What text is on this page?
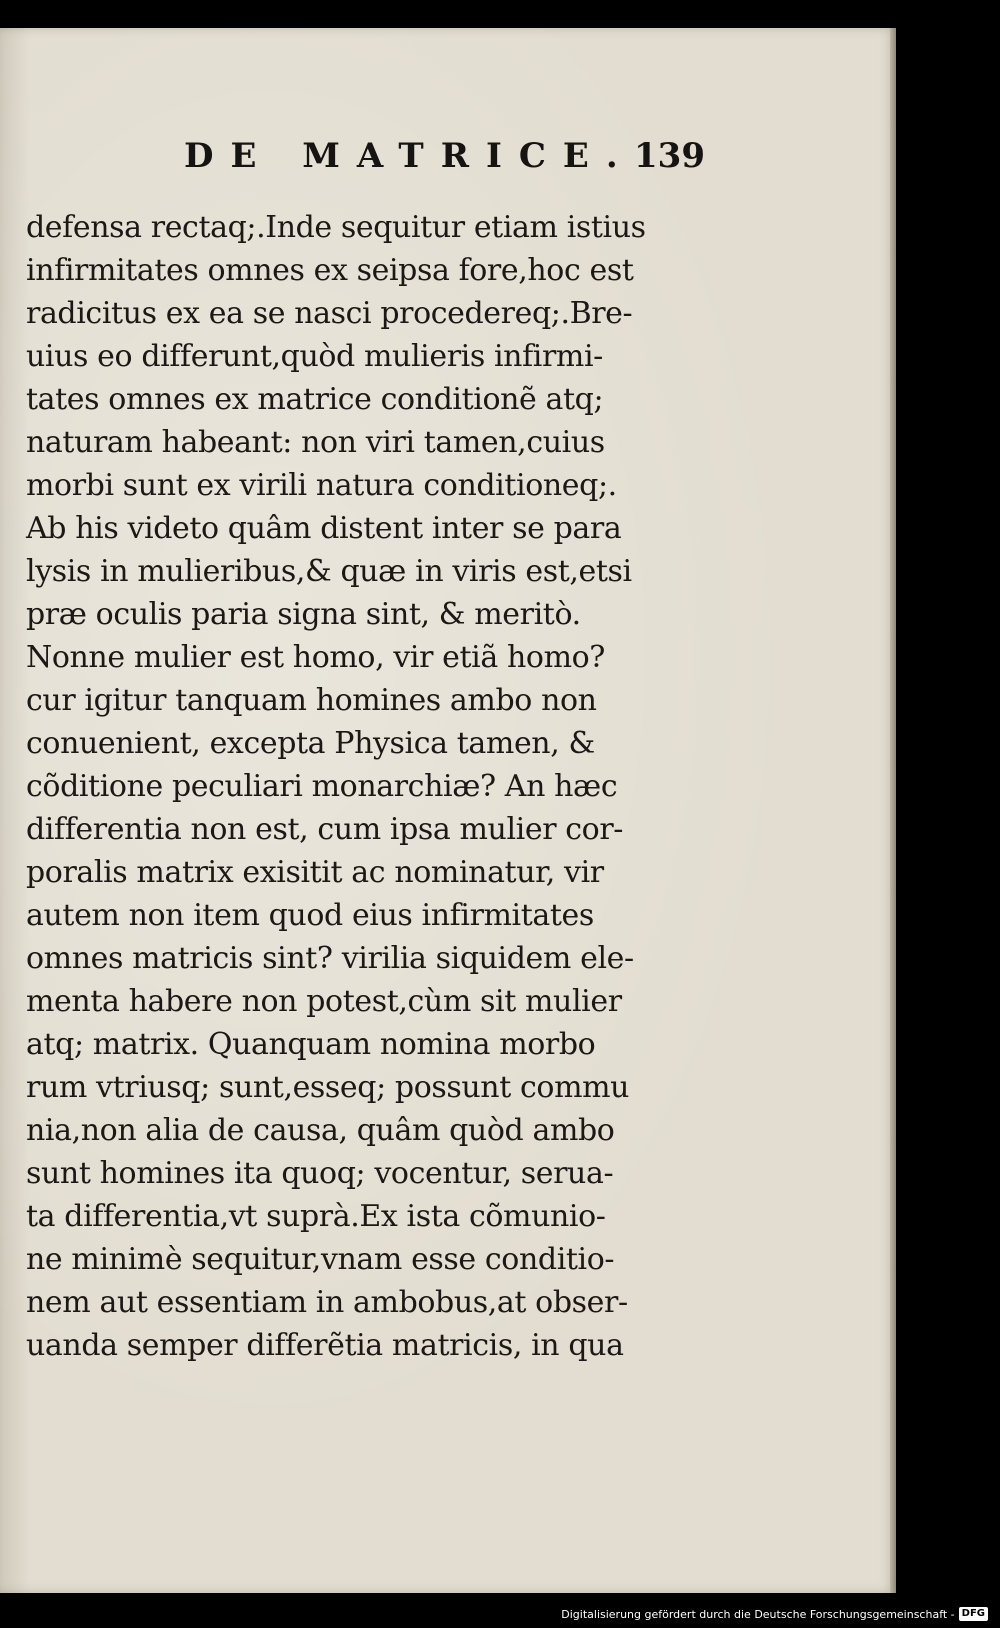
DE MATRICE. 139
defensa rectaq;.Inde sequitur etiam istius
infirmitates omnes ex seipsa fore,hoc est
radicitus ex ea se nasci procedereq;.Bre-
uius eo differunt,quòd mulieris infirmi-
tates omnes ex matrice conditionẽ atq;
naturam habeant: non viri tamen,cuius
morbi sunt ex virili natura conditioneq;.
Ab his videto quâm distent inter se para
lysis in mulieribus,& quæ in viris est,etsi
præ oculis paria signa sint, & meritò.
Nonne mulier est homo, vir etiã homo?
cur igitur tanquam homines ambo non
conuenient, excepta Physica tamen, &
cõditione peculiari monarchiæ? An hæc
differentia non est, cum ipsa mulier cor-
poralis matrix exisitit ac nominatur, vir
autem non item quod eius infirmitates
omnes matricis sint? virilia siquidem ele-
menta habere non potest,cùm sit mulier
atq; matrix. Quanquam nomina morbo
rum vtriusq; sunt,esseq; possunt commu
nia,non alia de causa, quâm quòd ambo
sunt homines ita quoq; vocentur, serua-
ta differentia,vt suprà.Ex ista cõmunio-
ne minimè sequitur,vnam esse conditio-
nem aut essentiam in ambobus,at obser-
uanda semper differẽtia matricis, in qua
Digitalisierung gefördert durch die Deutsche Forschungsgemeinschaft - DFG
